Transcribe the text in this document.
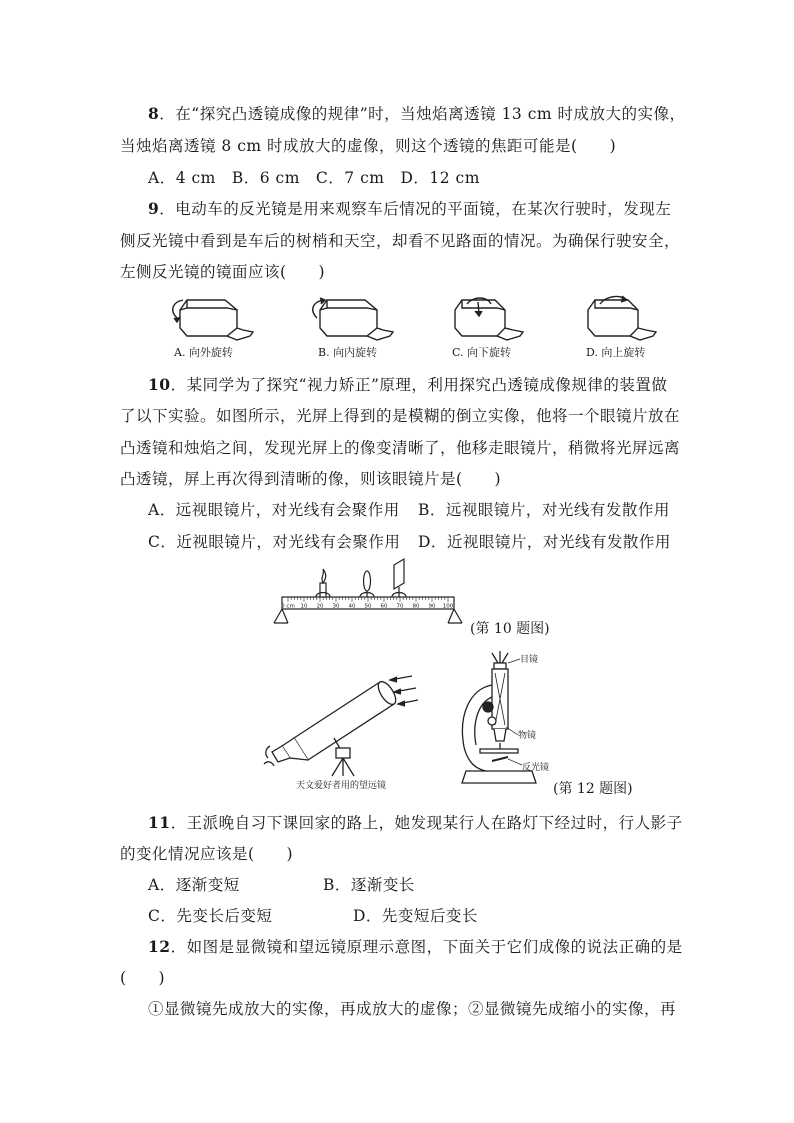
8．在“探究凸透镜成像的规律”时，当烛焰离透镜 13 cm 时成放大的实像，
当烛焰离透镜 8 cm 时成放大的虚像，则这个透镜的焦距可能是(　　)
A．4 cm　B．6 cm　C．7 cm　D．12 cm
9．电动车的反光镜是用来观察车后情况的平面镜，在某次行驶时，发现左
侧反光镜中看到是车后的树梢和天空，却看不见路面的情况。为确保行驶安全，
左侧反光镜的镜面应该(　　)
A. 向外旋转	B. 向内旋转	C. 向下旋转	D. 向上旋转
10．某同学为了探究“视力矫正”原理，利用探究凸透镜成像规律的装置做
了以下实验。如图所示，光屏上得到的是模糊的倒立实像，他将一个眼镜片放在
凸透镜和烛焰之间，发现光屏上的像变清晰了，他移走眼镜片，稍微将光屏远离
凸透镜，屏上再次得到清晰的像，则该眼镜片是(　　)
A．远视眼镜片，对光线有会聚作用 B．远视眼镜片，对光线有发散作用
C．近视眼镜片，对光线有会聚作用 D．近视眼镜片，对光线有发散作用
0 cm 10 20 30 40 50 60 70 80 90 100
(第 10 题图)
天文爱好者用的望远镜
目镜
物镜
反光镜
(第 12 题图)
11．王派晚自习下课回家的路上，她发现某行人在路灯下经过时，行人影子
的变化情况应该是(　　)
A．逐渐变短	B．逐渐变长
C．先变长后变短	D．先变短后变长
12．如图是显微镜和望远镜原理示意图，下面关于它们成像的说法正确的是
(　　)
①显微镜先成放大的实像，再成放大的虚像；②显微镜先成缩小的实像，再
